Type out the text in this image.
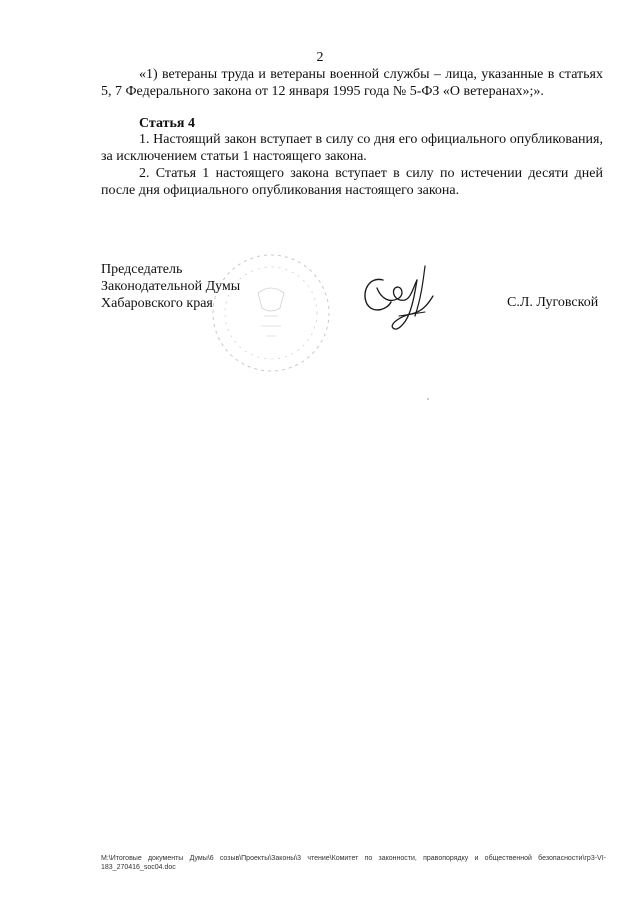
2

«1) ветераны труда и ветераны военной службы – лица, указанные в статьях 5, 7 Федерального закона от 12 января 1995 года № 5-ФЗ «О ветеранах»;».

Статья 4

1. Настоящий закон вступает в силу со дня его официального опубликования, за исключением статьи 1 настоящего закона.

2. Статья 1 настоящего закона вступает в силу по истечении десяти дней после дня официального опубликования настоящего закона.

Председатель
Законодательной Думы
Хабаровского края	С.Л. Луговской
M:\Итоговые документы Думы\6 созыв\Проекты\Законы\3 чтение\Комитет по законности, правопорядку и общественной безопасности\гр3-VI-183_270416_soc04.doc
